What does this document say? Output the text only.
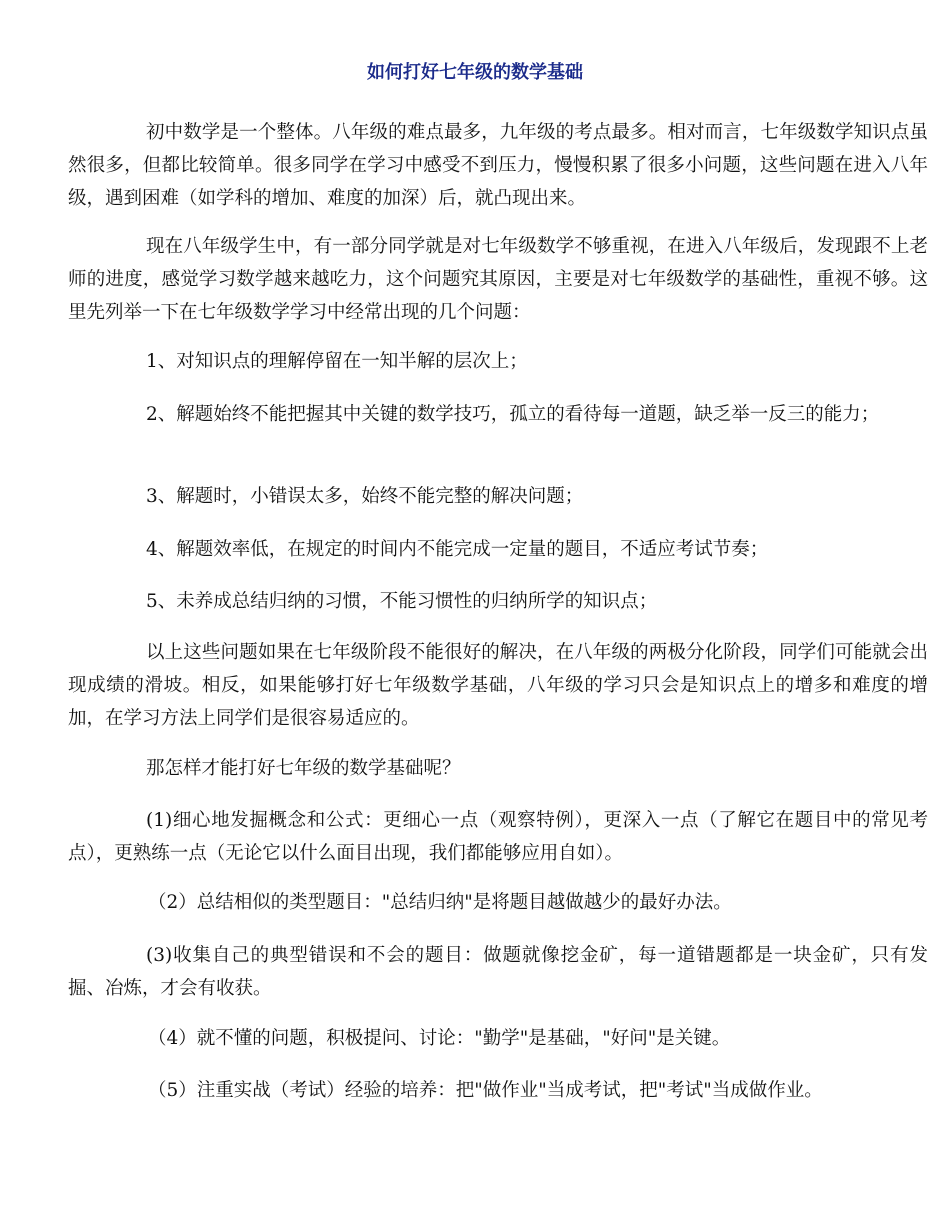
如何打好七年级的数学基础

初中数学是一个整体。八年级的难点最多，九年级的考点最多。相对而言，七年级数学知识点虽然很多，但都比较简单。很多同学在学习中感受不到压力，慢慢积累了很多小问题，这些问题在进入八年级，遇到困难（如学科的增加、难度的加深）后，就凸现出来。

现在八年级学生中，有一部分同学就是对七年级数学不够重视，在进入八年级后，发现跟不上老师的进度，感觉学习数学越来越吃力，这个问题究其原因，主要是对七年级数学的基础性，重视不够。这里先列举一下在七年级数学学习中经常出现的几个问题：

1、对知识点的理解停留在一知半解的层次上；

2、解题始终不能把握其中关键的数学技巧，孤立的看待每一道题，缺乏举一反三的能力；

3、解题时，小错误太多，始终不能完整的解决问题；

4、解题效率低，在规定的时间内不能完成一定量的题目，不适应考试节奏；

5、未养成总结归纳的习惯，不能习惯性的归纳所学的知识点；

以上这些问题如果在七年级阶段不能很好的解决，在八年级的两极分化阶段，同学们可能就会出现成绩的滑坡。相反，如果能够打好七年级数学基础，八年级的学习只会是知识点上的增多和难度的增加，在学习方法上同学们是很容易适应的。

那怎样才能打好七年级的数学基础呢？

(1)细心地发掘概念和公式：更细心一点（观察特例），更深入一点（了解它在题目中的常见考点），更熟练一点（无论它以什么面目出现，我们都能够应用自如）。

（2）总结相似的类型题目："总结归纳"是将题目越做越少的最好办法。

(3)收集自己的典型错误和不会的题目：做题就像挖金矿，每一道错题都是一块金矿，只有发掘、冶炼，才会有收获。

（4）就不懂的问题，积极提问、讨论："勤学"是基础，"好问"是关键。

（5）注重实战（考试）经验的培养：把"做作业"当成考试，把"考试"当成做作业。
